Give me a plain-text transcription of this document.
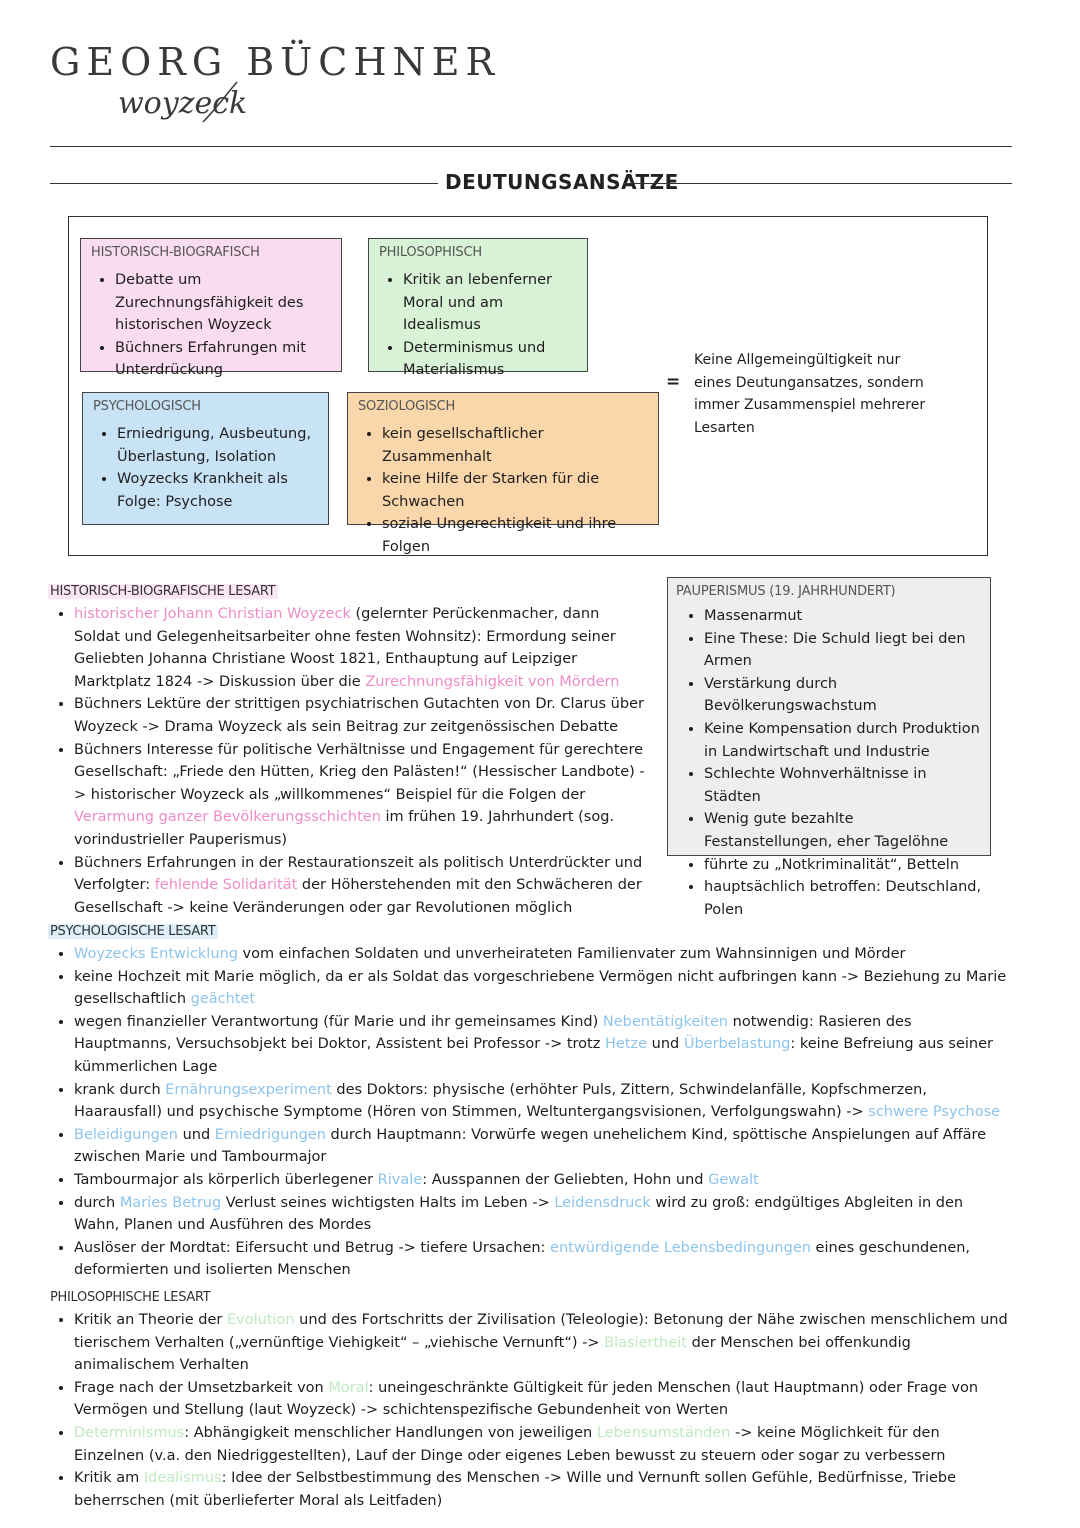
GEORG BÜCHNER
woyzeck
DEUTUNGSANSÄTZE
HISTORISCH-BIOGRAFISCH
• Debatte um Zurechnungsfähigkeit des historischen Woyzeck
• Büchners Erfahrungen mit Unterdrückung
PHILOSOPHISCH
• Kritik an lebenferner Moral und am Idealismus
• Determinismus und Materialismus
PSYCHOLOGISCH
• Erniedrigung, Ausbeutung, Überlastung, Isolation
• Woyzecks Krankheit als Folge: Psychose
SOZIOLOGISCH
• kein gesellschaftlicher Zusammenhalt
• keine Hilfe der Starken für die Schwachen
• soziale Ungerechtigkeit und ihre Folgen
=
Keine Allgemeingültigkeit nur eines Deutungansatzes, sondern immer Zusammenspiel mehrerer Lesarten
HISTORISCH-BIOGRAFISCHE LESART
• historischer Johann Christian Woyzeck (gelernter Perückenmacher, dann Soldat und Gelegenheitsarbeiter ohne festen Wohnsitz): Ermordung seiner Geliebten Johanna Christiane Woost 1821, Enthauptung auf Leipziger Marktplatz 1824 -> Diskussion über die Zurechnungsfähigkeit von Mördern
• Büchners Lektüre der strittigen psychiatrischen Gutachten von Dr. Clarus über Woyzeck -> Drama Woyzeck als sein Beitrag zur zeitgenössischen Debatte
• Büchners Interesse für politische Verhältnisse und Engagement für gerechtere Gesellschaft: „Friede den Hütten, Krieg den Palästen!“ (Hessischer Landbote) -> historischer Woyzeck als „willkommenes“ Beispiel für die Folgen der Verarmung ganzer Bevölkerungsschichten im frühen 19. Jahrhundert (sog. vorindustrieller Pauperismus)
• Büchners Erfahrungen in der Restaurationszeit als politisch Unterdrückter und Verfolgter: fehlende Solidarität der Höherstehenden mit den Schwächeren der Gesellschaft -> keine Veränderungen oder gar Revolutionen möglich
PAUPERISMUS (19. JAHRHUNDERT)
• Massenarmut
• Eine These: Die Schuld liegt bei den Armen
• Verstärkung durch Bevölkerungswachstum
• Keine Kompensation durch Produktion in Landwirtschaft und Industrie
• Schlechte Wohnverhältnisse in Städten
• Wenig gute bezahlte Festanstellungen, eher Tagelöhne
• führte zu „Notkriminalität“, Betteln
• hauptsächlich betroffen: Deutschland, Polen
PSYCHOLOGISCHE LESART
• Woyzecks Entwicklung vom einfachen Soldaten und unverheirateten Familienvater zum Wahnsinnigen und Mörder
• keine Hochzeit mit Marie möglich, da er als Soldat das vorgeschriebene Vermögen nicht aufbringen kann -> Beziehung zu Marie gesellschaftlich geächtet
• wegen finanzieller Verantwortung (für Marie und ihr gemeinsames Kind) Nebentätigkeiten notwendig: Rasieren des Hauptmanns, Versuchsobjekt bei Doktor, Assistent bei Professor -> trotz Hetze und Überbelastung: keine Befreiung aus seiner kümmerlichen Lage
• krank durch Ernährungsexperiment des Doktors: physische (erhöhter Puls, Zittern, Schwindelanfälle, Kopfschmerzen, Haarausfall) und psychische Symptome (Hören von Stimmen, Weltuntergangsvisionen, Verfolgungswahn) -> schwere Psychose
• Beleidigungen und Erniedrigungen durch Hauptmann: Vorwürfe wegen unehelichem Kind, spöttische Anspielungen auf Affäre zwischen Marie und Tambourmajor
• Tambourmajor als körperlich überlegener Rivale: Ausspannen der Geliebten, Hohn und Gewalt
• durch Maries Betrug Verlust seines wichtigsten Halts im Leben -> Leidensdruck wird zu groß: endgültiges Abgleiten in den Wahn, Planen und Ausführen des Mordes
• Auslöser der Mordtat: Eifersucht und Betrug -> tiefere Ursachen: entwürdigende Lebensbedingungen eines geschundenen, deformierten und isolierten Menschen
PHILOSOPHISCHE LESART
• Kritik an Theorie der Evolution und des Fortschritts der Zivilisation (Teleologie): Betonung der Nähe zwischen menschlichem und tierischem Verhalten („vernünftige Viehigkeit“ – „viehische Vernunft“) -> Blasiertheit der Menschen bei offenkundig animalischem Verhalten
• Frage nach der Umsetzbarkeit von Moral: uneingeschränkte Gültigkeit für jeden Menschen (laut Hauptmann) oder Frage von Vermögen und Stellung (laut Woyzeck) -> schichtenspezifische Gebundenheit von Werten
• Determinismus: Abhängigkeit menschlicher Handlungen von jeweiligen Lebensumständen -> keine Möglichkeit für den Einzelnen (v.a. den Niedriggestellten), Lauf der Dinge oder eigenes Leben bewusst zu steuern oder sogar zu verbessern
• Kritik am Idealismus: Idee der Selbstbestimmung des Menschen -> Wille und Vernunft sollen Gefühle, Bedürfnisse, Triebe beherrschen (mit überlieferter Moral als Leitfaden)
